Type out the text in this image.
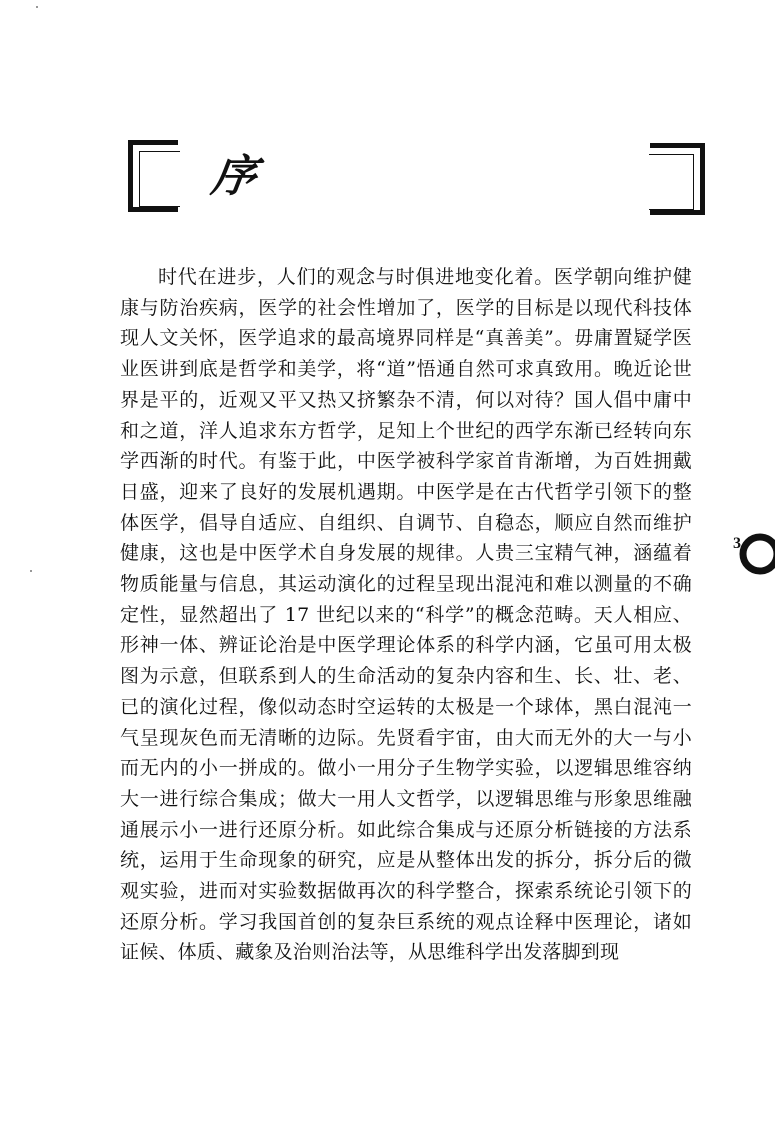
序

时代在进步，人们的观念与时俱进地变化着。医学朝向维护健康与防治疾病，医学的社会性增加了，医学的目标是以现代科技体现人文关怀，医学追求的最高境界同样是“真善美”。毋庸置疑学医业医讲到底是哲学和美学，将“道”悟通自然可求真致用。晚近论世界是平的，近观又平又热又挤繁杂不清，何以对待？国人倡中庸中和之道，洋人追求东方哲学，足知上个世纪的西学东渐已经转向东学西渐的时代。有鉴于此，中医学被科学家首肯渐增，为百姓拥戴日盛，迎来了良好的发展机遇期。中医学是在古代哲学引领下的整体医学，倡导自适应、自组织、自调节、自稳态，顺应自然而维护健康，这也是中医学术自身发展的规律。人贵三宝精气神，涵蕴着物质能量与信息，其运动演化的过程呈现出混沌和难以测量的不确定性，显然超出了 17 世纪以来的“科学”的概念范畴。天人相应、形神一体、辨证论治是中医学理论体系的科学内涵，它虽可用太极图为示意，但联系到人的生命活动的复杂内容和生、长、壮、老、已的演化过程，像似动态时空运转的太极是一个球体，黑白混沌一气呈现灰色而无清晰的边际。先贤看宇宙，由大而无外的大一与小而无内的小一拼成的。做小一用分子生物学实验，以逻辑思维容纳大一进行综合集成；做大一用人文哲学，以逻辑思维与形象思维融通展示小一进行还原分析。如此综合集成与还原分析链接的方法系统，运用于生命现象的研究，应是从整体出发的拆分，拆分后的微观实验，进而对实验数据做再次的科学整合，探索系统论引领下的还原分析。学习我国首创的复杂巨系统的观点诠释中医理论，诸如证候、体质、藏象及治则治法等，从思维科学出发落脚到现

3
